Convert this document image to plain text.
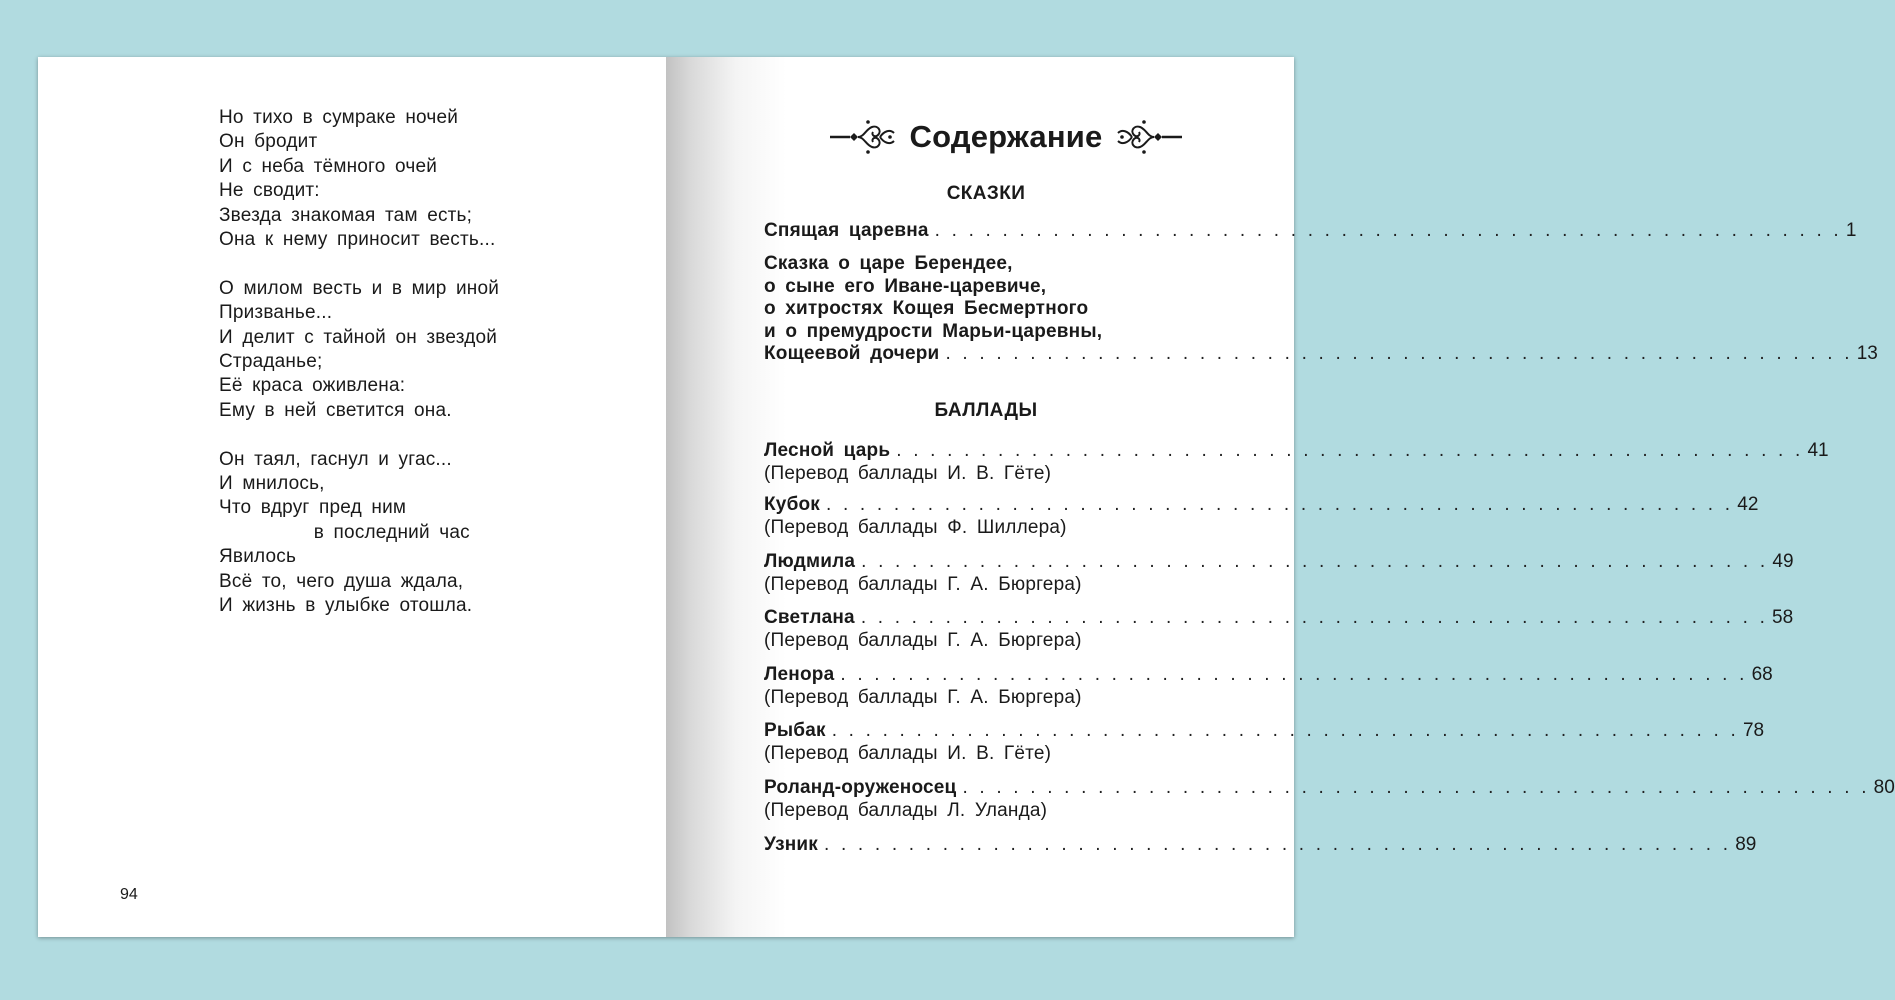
Но тихо в сумраке ночей
Он бродит
И с неба тёмного очей
Не сводит:
Звезда знакомая там есть;
Она к нему приносит весть...
О милом весть и в мир иной
Призванье...
И делит с тайной он звездой
Страданье;
Её краса оживлена:
Ему в ней светится она.
Он таял, гаснул и угас...
И мнилось,
Что вдруг пред ним
в последний час
Явилось
Всё то, чего душа ждала,
И жизнь в улыбке отошла.
94
Содержание
СКАЗКИ
Спящая царевна . . . . . . . . . . . . . . . . . . . . . . . . . . . . . . . . . . . . . . . . . . . . . . . . . . . . . . 1
Сказка о царе Берендее,
о сыне его Иване-царевиче,
о хитростях Кощея Бесмертного
и о премудрости Марьи-царевны,
Кощеевой дочери . . . . . . . . . . . . . . . . . . . . . . . . . . . . . . . . . . . . . . . . . . . . . . . . . . . . . . 13
БАЛЛАДЫ
Лесной царь . . . . . . . . . . . . . . . . . . . . . . . . . . . . . . . . . . . . . . . . . . . . . . . . . . . . . . 41
(Перевод баллады И. В. Гёте)
Кубок . . . . . . . . . . . . . . . . . . . . . . . . . . . . . . . . . . . . . . . . . . . . . . . . . . . . . . 42
(Перевод баллады Ф. Шиллера)
Людмила . . . . . . . . . . . . . . . . . . . . . . . . . . . . . . . . . . . . . . . . . . . . . . . . . . . . . . 49
(Перевод баллады Г. А. Бюргера)
Светлана . . . . . . . . . . . . . . . . . . . . . . . . . . . . . . . . . . . . . . . . . . . . . . . . . . . . . . 58
(Перевод баллады Г. А. Бюргера)
Ленора . . . . . . . . . . . . . . . . . . . . . . . . . . . . . . . . . . . . . . . . . . . . . . . . . . . . . . 68
(Перевод баллады Г. А. Бюргера)
Рыбак . . . . . . . . . . . . . . . . . . . . . . . . . . . . . . . . . . . . . . . . . . . . . . . . . . . . . . 78
(Перевод баллады И. В. Гёте)
Роланд-оруженосец . . . . . . . . . . . . . . . . . . . . . . . . . . . . . . . . . . . . . . . . . . . . . . . . . . . . . . 80
(Перевод баллады Л. Уланда)
Узник . . . . . . . . . . . . . . . . . . . . . . . . . . . . . . . . . . . . . . . . . . . . . . . . . . . . . . 89
